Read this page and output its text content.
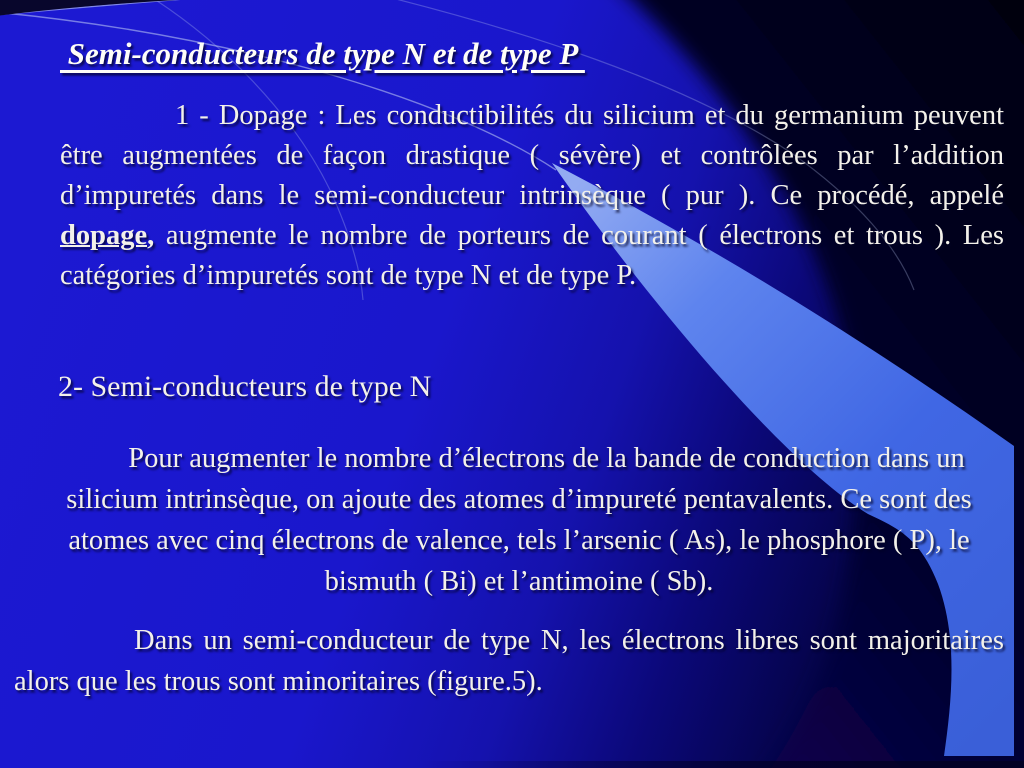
Semi-conducteurs de type N et de type P
1 - Dopage : Les conductibilités du silicium et du germanium peuvent être augmentées de façon drastique ( sévère) et contrôlées par l’addition d’impuretés dans le semi-conducteur intrinsèque ( pur ). Ce procédé, appelé dopage, augmente le nombre de porteurs de courant ( électrons et trous ). Les catégories d’impuretés sont de type N et de type P.
2- Semi-conducteurs de type N
Pour augmenter le nombre d’électrons de la bande de conduction dans un silicium intrinsèque, on ajoute des atomes d’impureté pentavalents. Ce sont des atomes avec cinq électrons de valence, tels l’arsenic ( As), le phosphore ( P), le bismuth ( Bi) et l’antimoine ( Sb).
Dans un semi-conducteur de type N, les électrons libres sont majoritaires alors que les trous sont minoritaires (figure.5).
